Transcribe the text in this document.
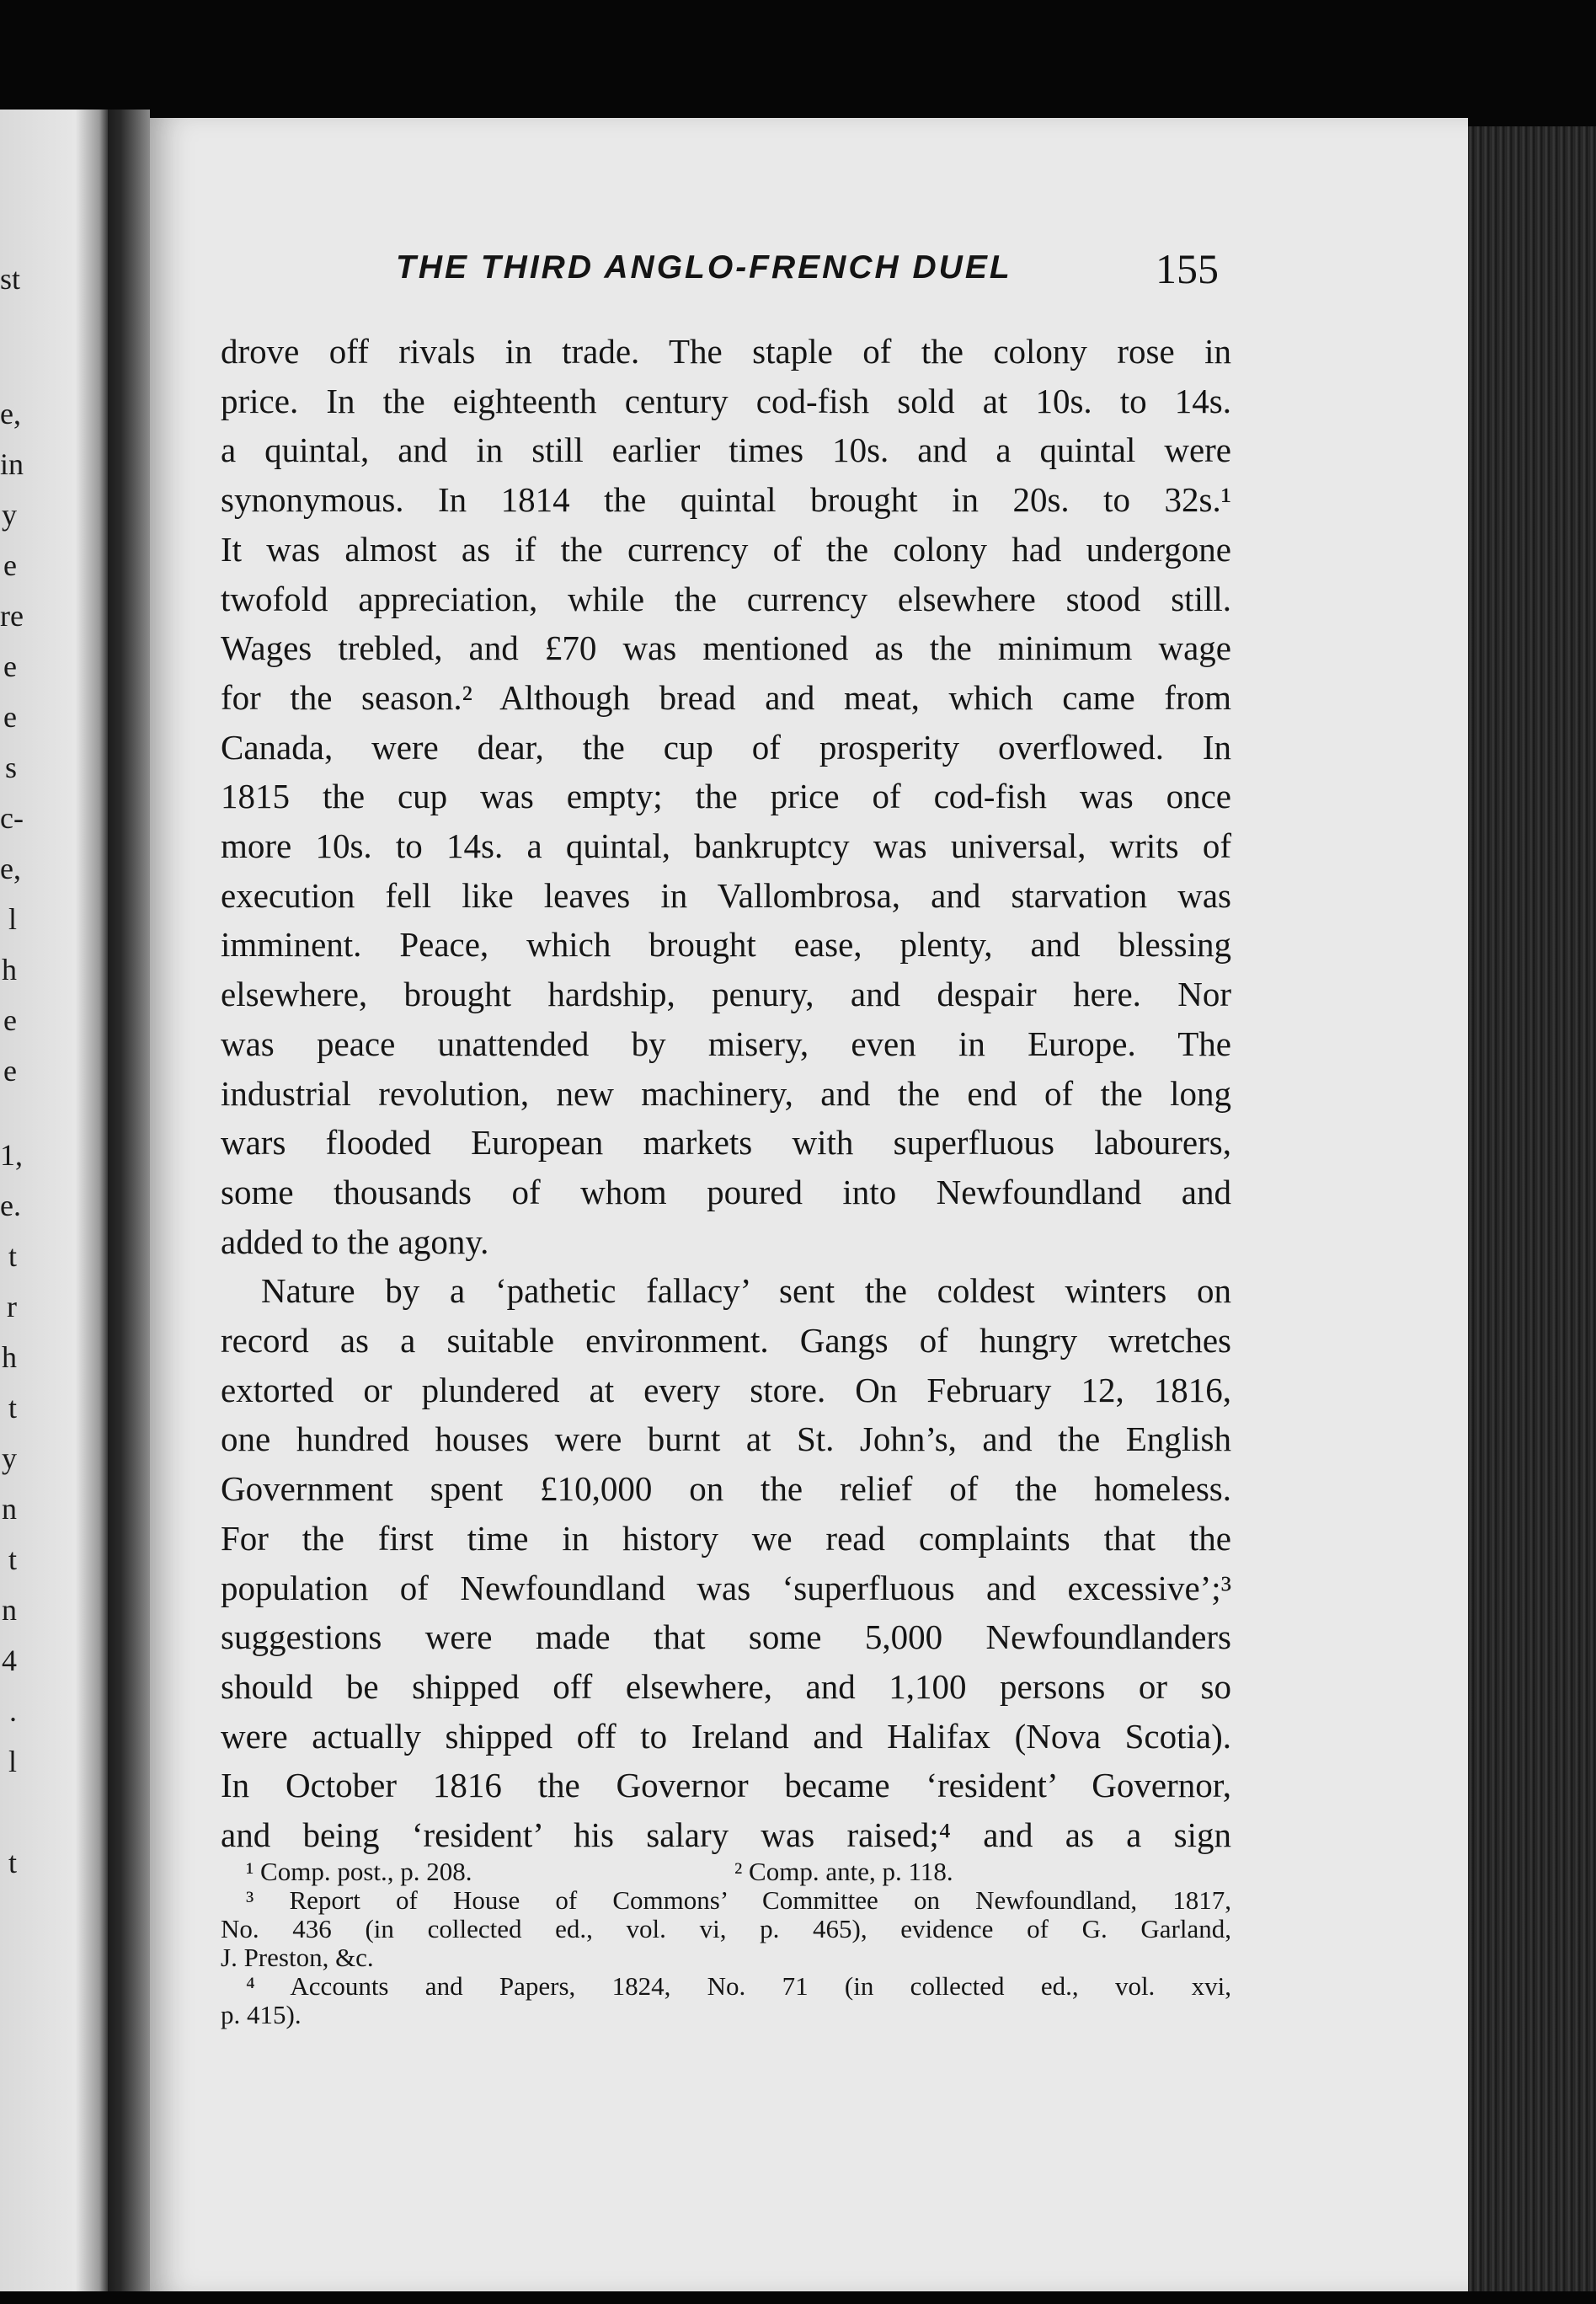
st
e,
in
y
e
re
e
e
s
c-
e,
l
h
e
e
1,
e.
t
r
h
t
y
n
t
n
4
.
l
t
THE THIRD ANGLO-FRENCH DUEL	155
drove off rivals in trade. The staple of the colony rose in
price. In the eighteenth century cod-fish sold at 10s. to 14s.
a quintal, and in still earlier times 10s. and a quintal were
synonymous. In 1814 the quintal brought in 20s. to 32s.¹
It was almost as if the currency of the colony had undergone
twofold appreciation, while the currency elsewhere stood still.
Wages trebled, and £70 was mentioned as the minimum wage
for the season.² Although bread and meat, which came from
Canada, were dear, the cup of prosperity overflowed. In
1815 the cup was empty; the price of cod-fish was once
more 10s. to 14s. a quintal, bankruptcy was universal, writs of
execution fell like leaves in Vallombrosa, and starvation was
imminent. Peace, which brought ease, plenty, and blessing
elsewhere, brought hardship, penury, and despair here. Nor
was peace unattended by misery, even in Europe. The
industrial revolution, new machinery, and the end of the long
wars flooded European markets with superfluous labourers,
some thousands of whom poured into Newfoundland and
added to the agony.
Nature by a ‘pathetic fallacy’ sent the coldest winters on
record as a suitable environment. Gangs of hungry wretches
extorted or plundered at every store. On February 12, 1816,
one hundred houses were burnt at St. John’s, and the English
Government spent £10,000 on the relief of the homeless.
For the first time in history we read complaints that the
population of Newfoundland was ‘superfluous and excessive’;³
suggestions were made that some 5,000 Newfoundlanders
should be shipped off elsewhere, and 1,100 persons or so
were actually shipped off to Ireland and Halifax (Nova Scotia).
In October 1816 the Governor became ‘resident’ Governor,
and being ‘resident’ his salary was raised;⁴ and as a sign
¹ Comp. post., p. 208.	² Comp. ante, p. 118.
³ Report of House of Commons’ Committee on Newfoundland, 1817,
No. 436 (in collected ed., vol. vi, p. 465), evidence of G. Garland,
J. Preston, &c.
⁴ Accounts and Papers, 1824, No. 71 (in collected ed., vol. xvi,
p. 415).
